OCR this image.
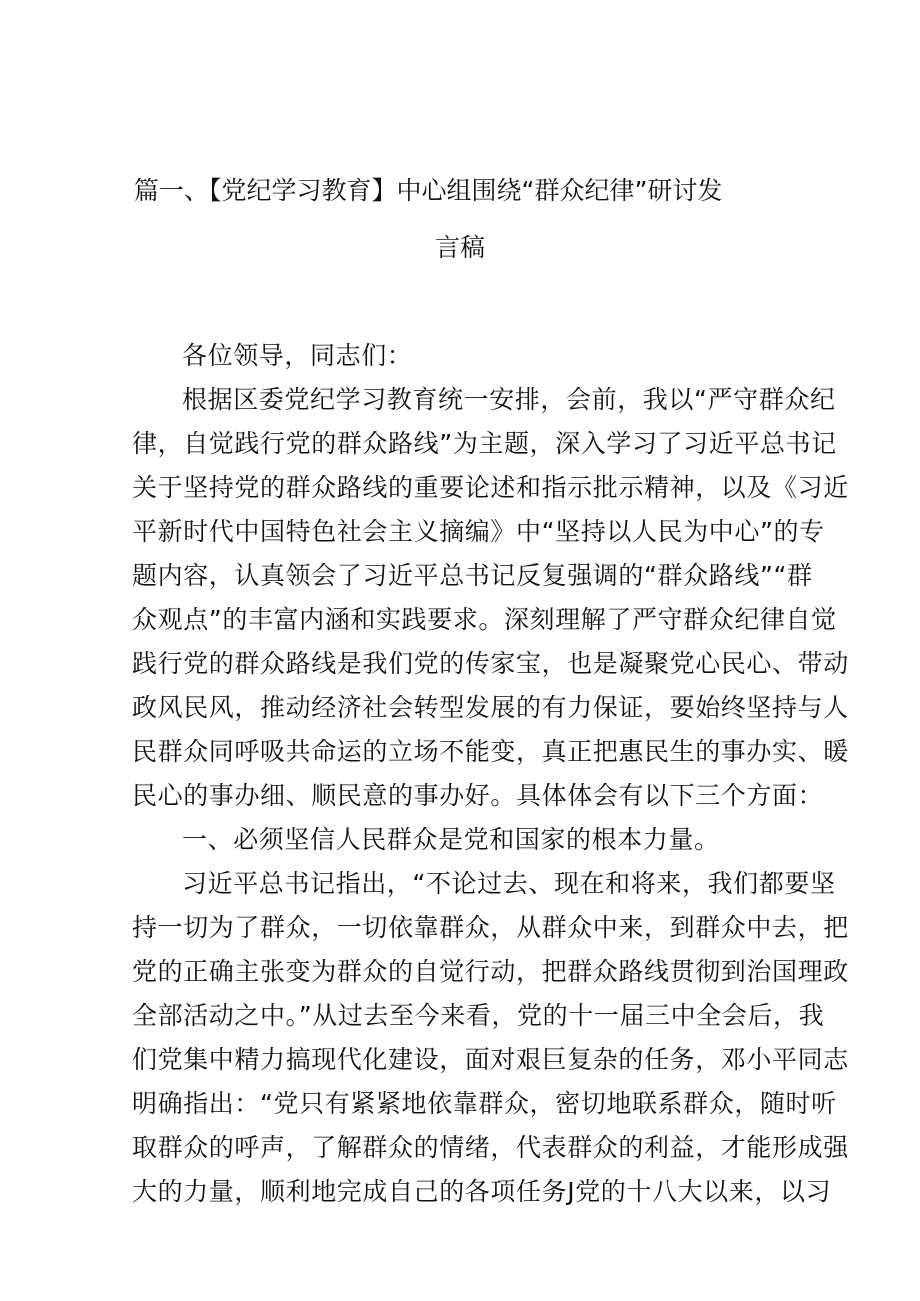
篇一、【党纪学习教育】中心组围绕“群众纪律”研讨发
言稿
各位领导，同志们：
根据区委党纪学习教育统一安排，会前，我以“严守群众纪
律，自觉践行党的群众路线”为主题，深入学习了习近平总书记
关于坚持党的群众路线的重要论述和指示批示精神，以及《习近
平新时代中国特色社会主义摘编》中“坚持以人民为中心”的专
题内容，认真领会了习近平总书记反复强调的“群众路线”“群
众观点”的丰富内涵和实践要求。深刻理解了严守群众纪律自觉
践行党的群众路线是我们党的传家宝，也是凝聚党心民心、带动
政风民风，推动经济社会转型发展的有力保证，要始终坚持与人
民群众同呼吸共命运的立场不能变，真正把惠民生的事办实、暖
民心的事办细、顺民意的事办好。具体体会有以下三个方面：
一、必须坚信人民群众是党和国家的根本力量。
习近平总书记指出，“不论过去、现在和将来，我们都要坚
持一切为了群众，一切依靠群众，从群众中来，到群众中去，把
党的正确主张变为群众的自觉行动，把群众路线贯彻到治国理政
全部活动之中。”从过去至今来看，党的十一届三中全会后，我
们党集中精力搞现代化建设，面对艰巨复杂的任务，邓小平同志
明确指出：“党只有紧紧地依靠群众，密切地联系群众，随时听
取群众的呼声，了解群众的情绪，代表群众的利益，才能形成强
大的力量，顺利地完成自己的各项任务J党的十八大以来，以习
